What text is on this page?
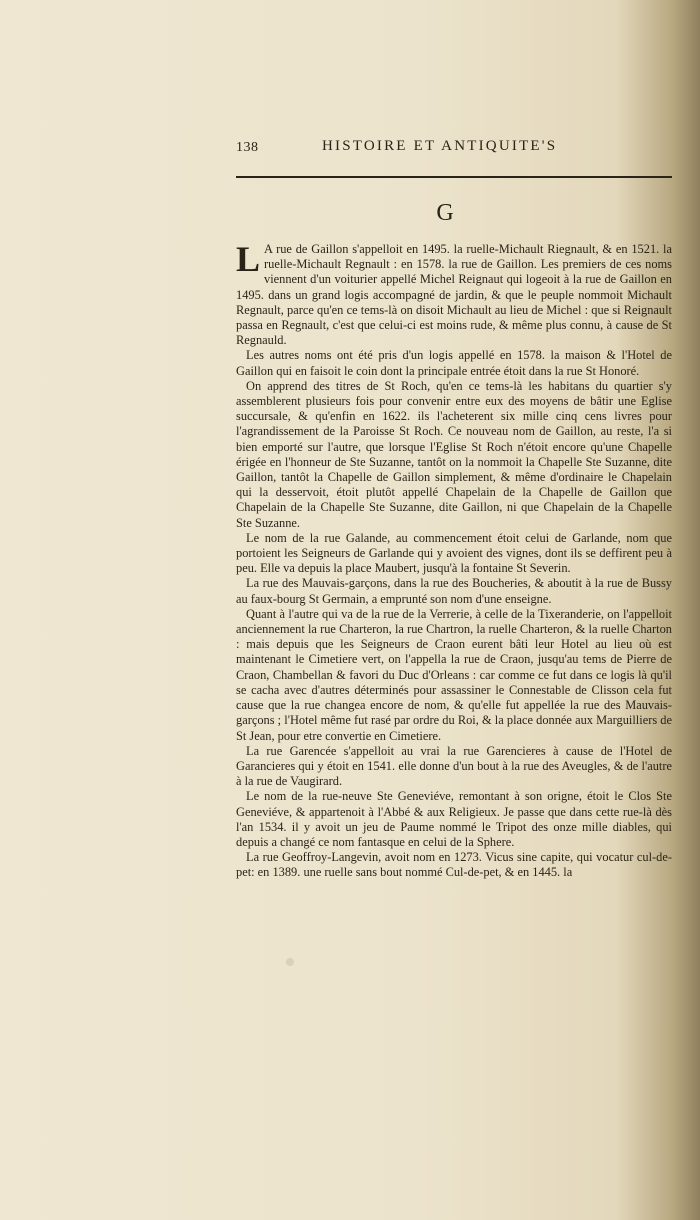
138	HISTOIRE ET ANTIQUITE'S
G

L A rue de Gaillon s'appelloit en 1495. la ruelle-Michault Riegnault, & en 1521. la ruelle-Michault Regnault : en 1578. la rue de Gaillon. Les premiers de ces noms viennent d'un voiturier appellé Michel Reignaut qui logeoit à la rue de Gaillon en 1495. dans un grand logis accompagné de jardin, & que le peuple nommoit Michault Regnault, parce qu'en ce tems-là on disoit Michault au lieu de Michel : que si Reignault passa en Regnault, c'est que celui-ci est moins rude, & même plus connu, à cause de St Regnauld.

Les autres noms ont été pris d'un logis appellé en 1578. la maison & l'Hotel de Gaillon qui en faisoit le coin dont la principale entrée étoit dans la rue St Honoré.

On apprend des titres de St Roch, qu'en ce tems-là les habitans du quartier s'y assemblerent plusieurs fois pour convenir entre eux des moyens de bâtir une Eglise succursale, & qu'enfin en 1622. ils l'acheterent six mille cinq cens livres pour l'agrandissement de la Paroisse St Roch. Ce nouveau nom de Gaillon, au reste, l'a si bien emporté sur l'autre, que lorsque l'Eglise St Roch n'étoit encore qu'une Chapelle érigée en l'honneur de Ste Suzanne, tantôt on la nommoit la Chapelle Ste Suzanne, dite Gaillon, tantôt la Chapelle de Gaillon simplement, & même d'ordinaire le Chapelain qui la desservoit, étoit plutôt appellé Chapelain de la Chapelle de Gaillon que Chapelain de la Chapelle Ste Suzanne, dite Gaillon, ni que Chapelain de la Chapelle Ste Suzanne.

Le nom de la rue Galande, au commencement étoit celui de Garlande, nom que portoient les Seigneurs de Garlande qui y avoient des vignes, dont ils se deffirent peu à peu. Elle va depuis la place Maubert, jusqu'à la fontaine St Severin.

La rue des Mauvais-garçons, dans la rue des Boucheries, & aboutit à la rue de Bussy au faux-bourg St Germain, a emprunté son nom d'une enseigne.

Quant à l'autre qui va de la rue de la Verrerie, à celle de la Tixeranderie, on l'appelloit anciennement la rue Charteron, la rue Chartron, la ruelle Charteron, & la ruelle Charton : mais depuis que les Seigneurs de Craon eurent bâti leur Hotel au lieu où est maintenant le Cimetiere vert, on l'appella la rue de Craon, jusqu'au tems de Pierre de Craon, Chambellan & favori du Duc d'Orleans : car comme ce fut dans ce logis là qu'il se cacha avec d'autres déterminés pour assassiner le Connestable de Clisson cela fut cause que la rue changea encore de nom, & qu'elle fut appellée la rue des Mauvais-garçons ; l'Hotel même fut rasé par ordre du Roi, & la place donnée aux Marguilliers de St Jean, pour etre convertie en Cimetiere.

La rue Garencée s'appelloit au vrai la rue Garencieres à cause de l'Hotel de Garancieres qui y étoit en 1541. elle donne d'un bout à la rue des Aveugles, & de l'autre à la rue de Vaugirard.

Le nom de la rue-neuve Ste Geneviéve, remontant à son origne, étoit le Clos Ste Geneviéve, & appartenoit à l'Abbé & aux Religieux. Je passe que dans cette rue-là dès l'an 1534. il y avoit un jeu de Paume nommé le Tripot des onze mille diables, qui depuis a changé ce nom fantasque en celui de la Sphere.

La rue Geoffroy-Langevin, avoit nom en 1273. Vicus sine capite, qui vocatur cul-de-pet: en 1389. une ruelle sans bout nommé Cul-de-pet, & en 1445. la
